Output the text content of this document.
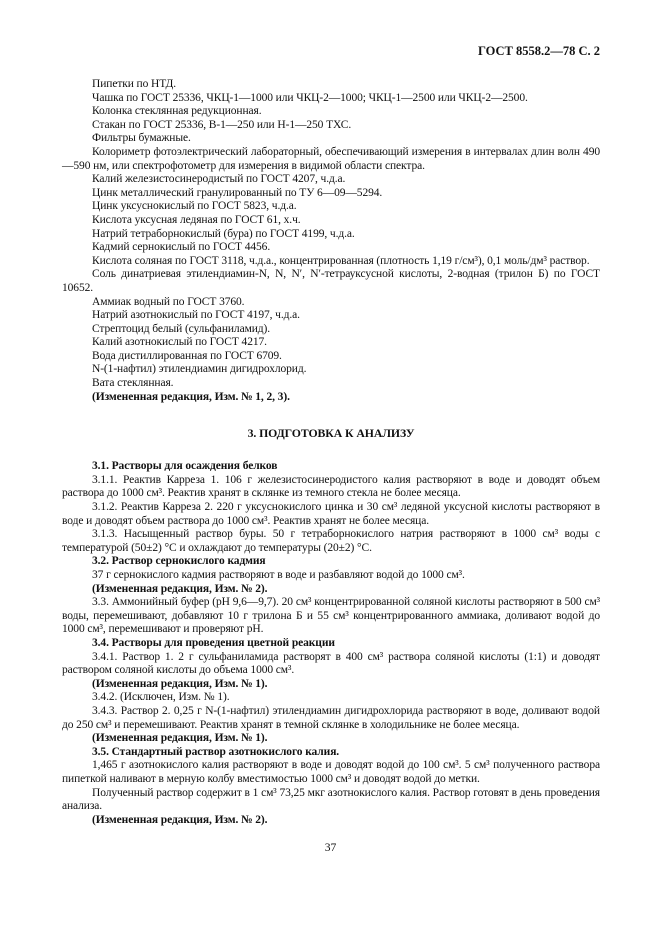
ГОСТ 8558.2—78 С. 2

Пипетки по НТД.

Чашка по ГОСТ 25336, ЧКЦ-1—1000 или ЧКЦ-2—1000; ЧКЦ-1—2500 или ЧКЦ-2—2500.

Колонка стеклянная редукционная.

Стакан по ГОСТ 25336, В-1—250 или Н-1—250 ТХС.

Фильтры бумажные.

Колориметр фотоэлектрический лабораторный, обеспечивающий измерения в интервалах длин волн 490—590 нм, или спектрофотометр для измерения в видимой области спектра.

Калий железистосинеродистый по ГОСТ 4207, ч.д.а.

Цинк металлический гранулированный по ТУ 6—09—5294.

Цинк уксуснокислый по ГОСТ 5823, ч.д.а.

Кислота уксусная ледяная по ГОСТ 61, х.ч.

Натрий тетраборнокислый (бура) по ГОСТ 4199, ч.д.а.

Кадмий сернокислый по ГОСТ 4456.

Кислота соляная по ГОСТ 3118, ч.д.а., концентрированная (плотность 1,19 г/см³), 0,1 моль/дм³ раствор.

Соль динатриевая этилендиамин-N, N, N′, N′-тетрауксусной кислоты, 2-водная (трилон Б) по ГОСТ 10652.

Аммиак водный по ГОСТ 3760.

Натрий азотнокислый по ГОСТ 4197, ч.д.а.

Стрептоцид белый (сульфаниламид).

Калий азотнокислый по ГОСТ 4217.

Вода дистиллированная по ГОСТ 6709.

N-(1-нафтил) этилендиамин дигидрохлорид.

Вата стеклянная.

(Измененная редакция, Изм. № 1, 2, 3).

3. ПОДГОТОВКА К АНАЛИЗУ

3.1. Растворы для осаждения белков

3.1.1. Реактив Карреза 1. 106 г железистосинеродистого калия растворяют в воде и доводят объем раствора до 1000 см³. Реактив хранят в склянке из темного стекла не более месяца.

3.1.2. Реактив Карреза 2. 220 г уксуснокислого цинка и 30 см³ ледяной уксусной кислоты растворяют в воде и доводят объем раствора до 1000 см³. Реактив хранят не более месяца.

3.1.3. Насыщенный раствор буры. 50 г тетраборнокислого натрия растворяют в 1000 см³ воды с температурой (50±2) °С и охлаждают до температуры (20±2) °С.

3.2. Раствор сернокислого кадмия

37 г сернокислого кадмия растворяют в воде и разбавляют водой до 1000 см³.

(Измененная редакция, Изм. № 2).

3.3. Аммонийный буфер (рН 9,6—9,7). 20 см³ концентрированной соляной кислоты растворяют в 500 см³ воды, перемешивают, добавляют 10 г трилона Б и 55 см³ концентрированного аммиака, доливают водой до 1000 см³, перемешивают и проверяют рН.

3.4. Растворы для проведения цветной реакции

3.4.1. Раствор 1. 2 г сульфаниламида растворят в 400 см³ раствора соляной кислоты (1:1) и доводят раствором соляной кислоты до объема 1000 см³.

(Измененная редакция, Изм. № 1).

3.4.2. (Исключен, Изм. № 1).

3.4.3. Раствор 2. 0,25 г N-(1-нафтил) этилендиамин дигидрохлорида растворяют в воде, доливают водой до 250 см³ и перемешивают. Реактив хранят в темной склянке в холодильнике не более месяца.

(Измененная редакция, Изм. № 1).

3.5. Стандартный раствор азотнокислого калия.

1,465 г азотнокислого калия растворяют в воде и доводят водой до 100 см³. 5 см³ полученного раствора пипеткой наливают в мерную колбу вместимостью 1000 см³ и доводят водой до метки.

Полученный раствор содержит в 1 см³ 73,25 мкг азотнокислого калия. Раствор готовят в день проведения анализа.

(Измененная редакция, Изм. № 2).

37
